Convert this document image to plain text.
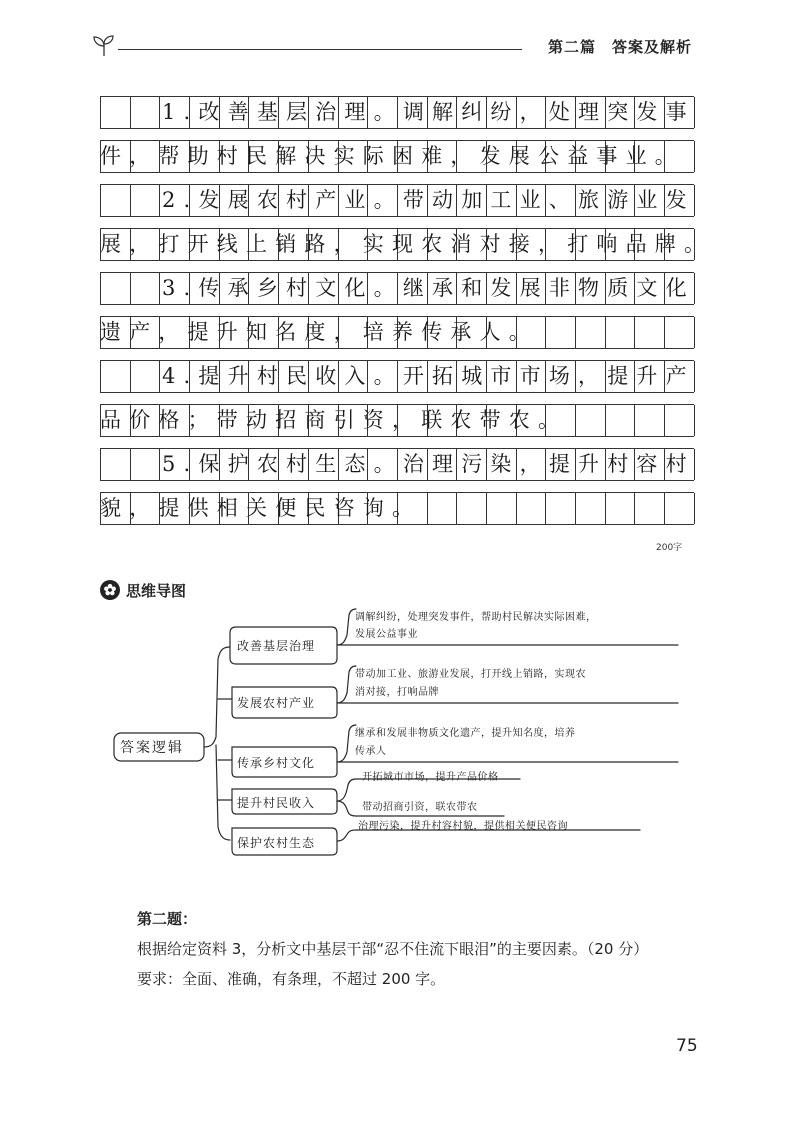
第二篇　答案及解析
1.改善基层治理。调解纠纷，处理突发事
件，帮助村民解决实际困难，发展公益事业。
2.发展农村产业。带动加工业、旅游业发
展，打开线上销路，实现农消对接，打响品牌。
3.传承乡村文化。继承和发展非物质文化
遗产，提升知名度，培养传承人。
4.提升村民收入。开拓城市市场，提升产
品价格；带动招商引资，联农带农。
5.保护农村生态。治理污染，提升村容村
貌，提供相关便民咨询。
200字
思维导图
答案逻辑
改善基层治理
发展农村产业
传承乡村文化
提升村民收入
保护农村生态
调解纠纷，处理突发事件，帮助村民解决实际困难，
发展公益事业
带动加工业、旅游业发展，打开线上销路，实现农
消对接，打响品牌
继承和发展非物质文化遗产，提升知名度，培养
传承人
开拓城市市场，提升产品价格
带动招商引资，联农带农
治理污染，提升村容村貌，提供相关便民咨询
第二题：
根据给定资料 3，分析文中基层干部“忍不住流下眼泪”的主要因素。（20 分）
要求：全面、准确，有条理，不超过 200 字。
75
